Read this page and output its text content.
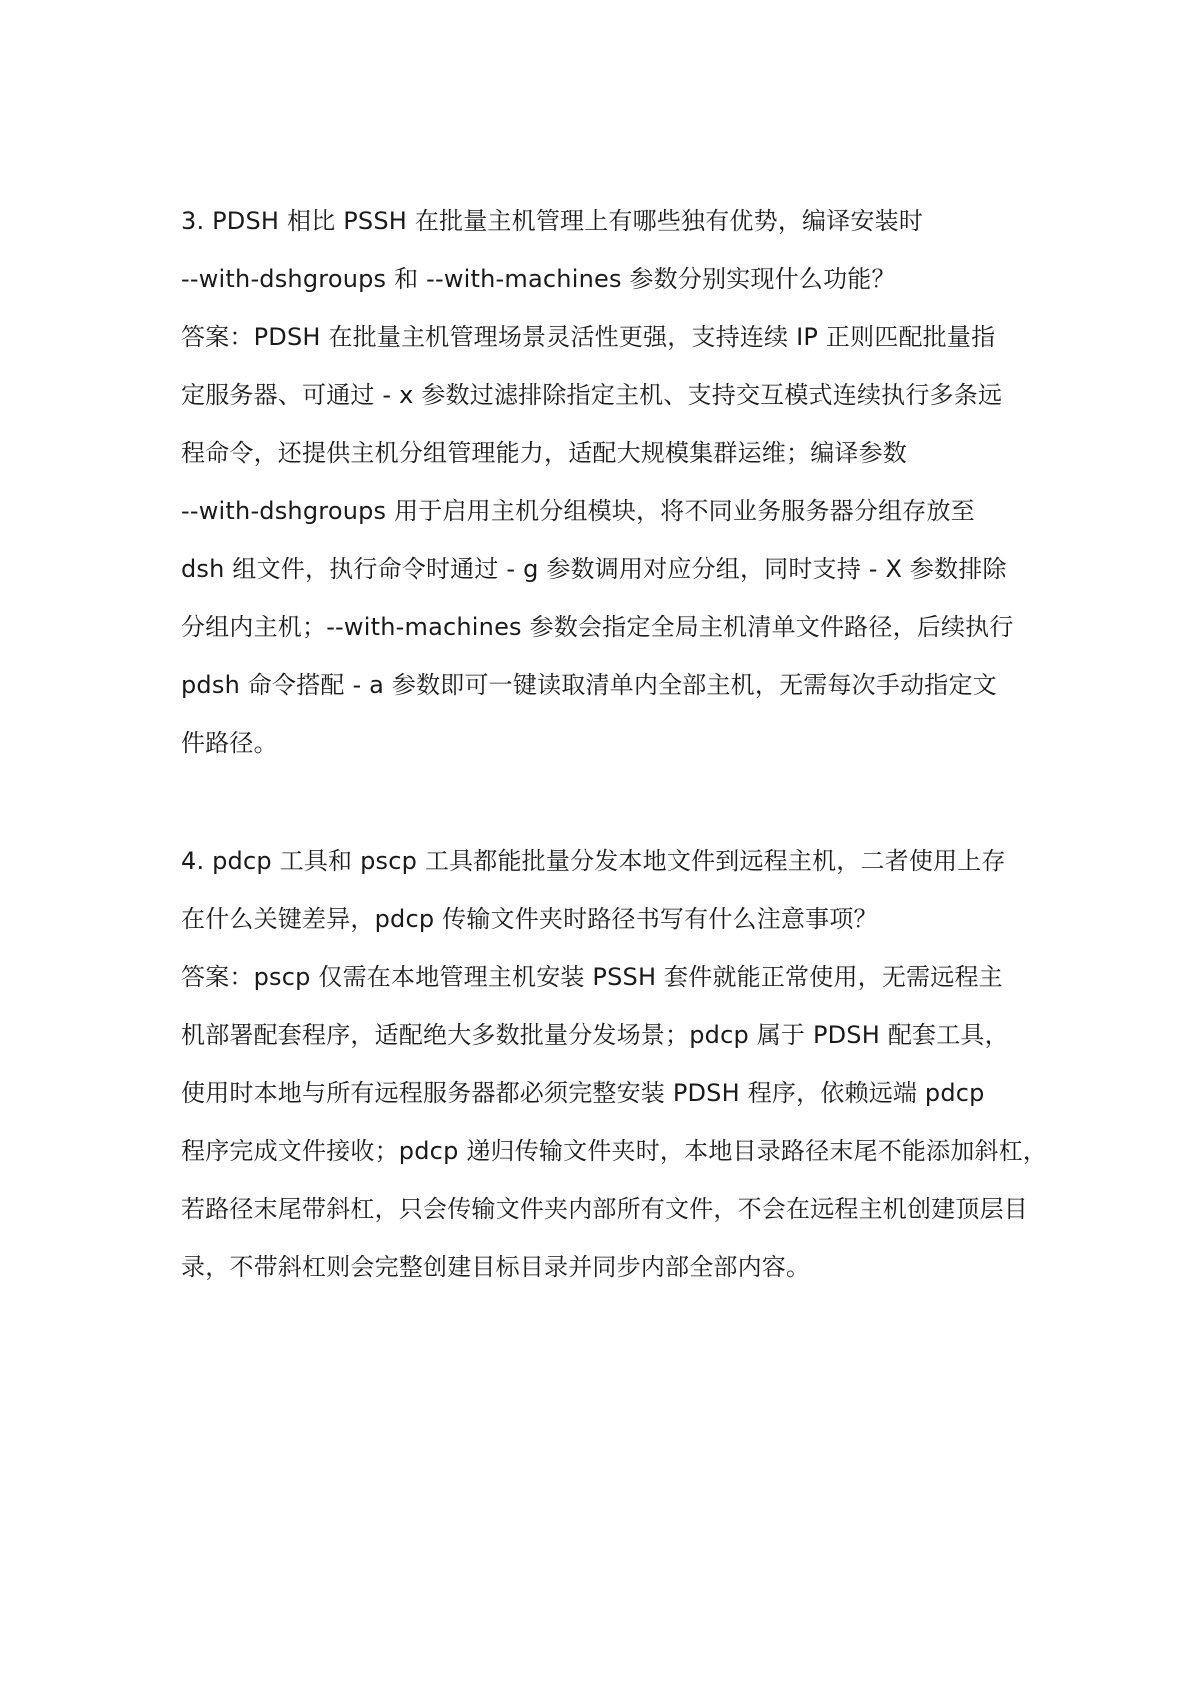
3. PDSH 相比 PSSH 在批量主机管理上有哪些独有优势，编译安装时
--with-dshgroups 和 --with-machines 参数分别实现什么功能？
答案：PDSH 在批量主机管理场景灵活性更强，支持连续 IP 正则匹配批量指
定服务器、可通过 - x 参数过滤排除指定主机、支持交互模式连续执行多条远
程命令，还提供主机分组管理能力，适配大规模集群运维；编译参数
--with-dshgroups 用于启用主机分组模块，将不同业务服务器分组存放至
dsh 组文件，执行命令时通过 - g 参数调用对应分组，同时支持 - X 参数排除
分组内主机；--with-machines 参数会指定全局主机清单文件路径，后续执行
pdsh 命令搭配 - a 参数即可一键读取清单内全部主机，无需每次手动指定文
件路径。
4. pdcp 工具和 pscp 工具都能批量分发本地文件到远程主机，二者使用上存
在什么关键差异，pdcp 传输文件夹时路径书写有什么注意事项？
答案：pscp 仅需在本地管理主机安装 PSSH 套件就能正常使用，无需远程主
机部署配套程序，适配绝大多数批量分发场景；pdcp 属于 PDSH 配套工具，
使用时本地与所有远程服务器都必须完整安装 PDSH 程序，依赖远端 pdcp
程序完成文件接收；pdcp 递归传输文件夹时，本地目录路径末尾不能添加斜杠，
若路径末尾带斜杠，只会传输文件夹内部所有文件，不会在远程主机创建顶层目
录，不带斜杠则会完整创建目标目录并同步内部全部内容。
